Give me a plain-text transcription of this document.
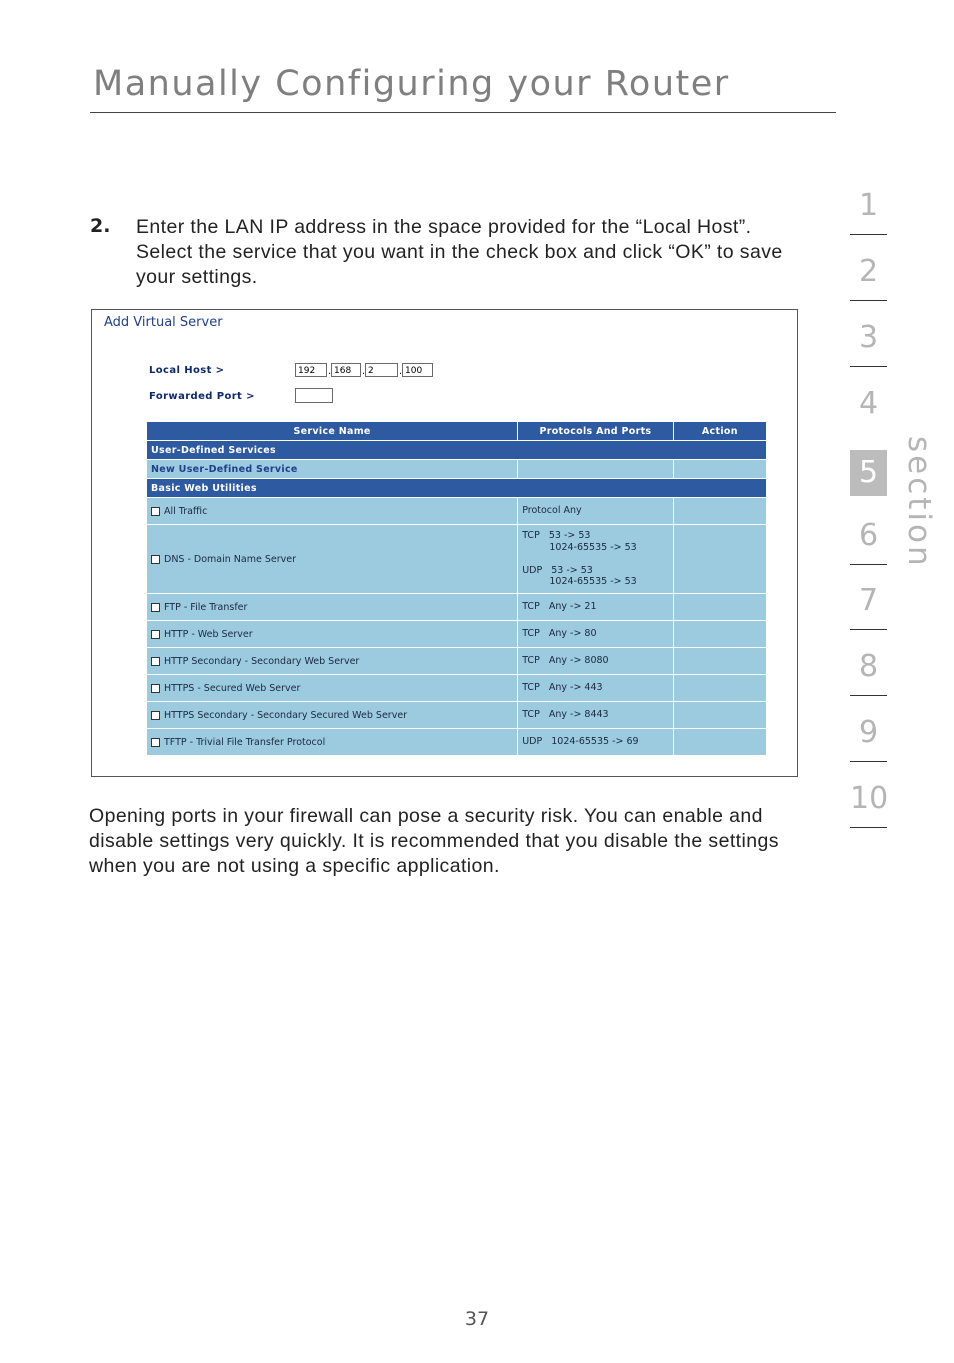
Manually Configuring your Router
2. Enter the LAN IP address in the space provided for the “Local Host”. Select the service that you want in the check box and click “OK” to save your settings.
Add Virtual Server
Local Host >	192	. 168	. 2	. 100
Forwarded Port >
Service Name	Protocols And Ports	Action
User-Defined Services		
New User-Defined Service		
Basic Web Utilities		
All Traffic	Protocol Any	
DNS - Domain Name Server	TCP   53 -> 53
1024-65535 -> 53

UDP   53 -> 53
1024-65535 -> 53	
FTP - File Transfer	TCP   Any -> 21	
HTTP - Web Server	TCP   Any -> 80	
HTTP Secondary - Secondary Web Server	TCP   Any -> 8080	
HTTPS - Secured Web Server	TCP   Any -> 443	
HTTPS Secondary - Secondary Secured Web Server	TCP   Any -> 8443	
TFTP - Trivial File Transfer Protocol	UDP   1024-65535 -> 69	
Opening ports in your firewall can pose a security risk. You can enable and disable settings very quickly. It is recommended that you disable the settings when you are not using a specific application.
37
1
2
3
4
5
6
7
8
9
10
section
